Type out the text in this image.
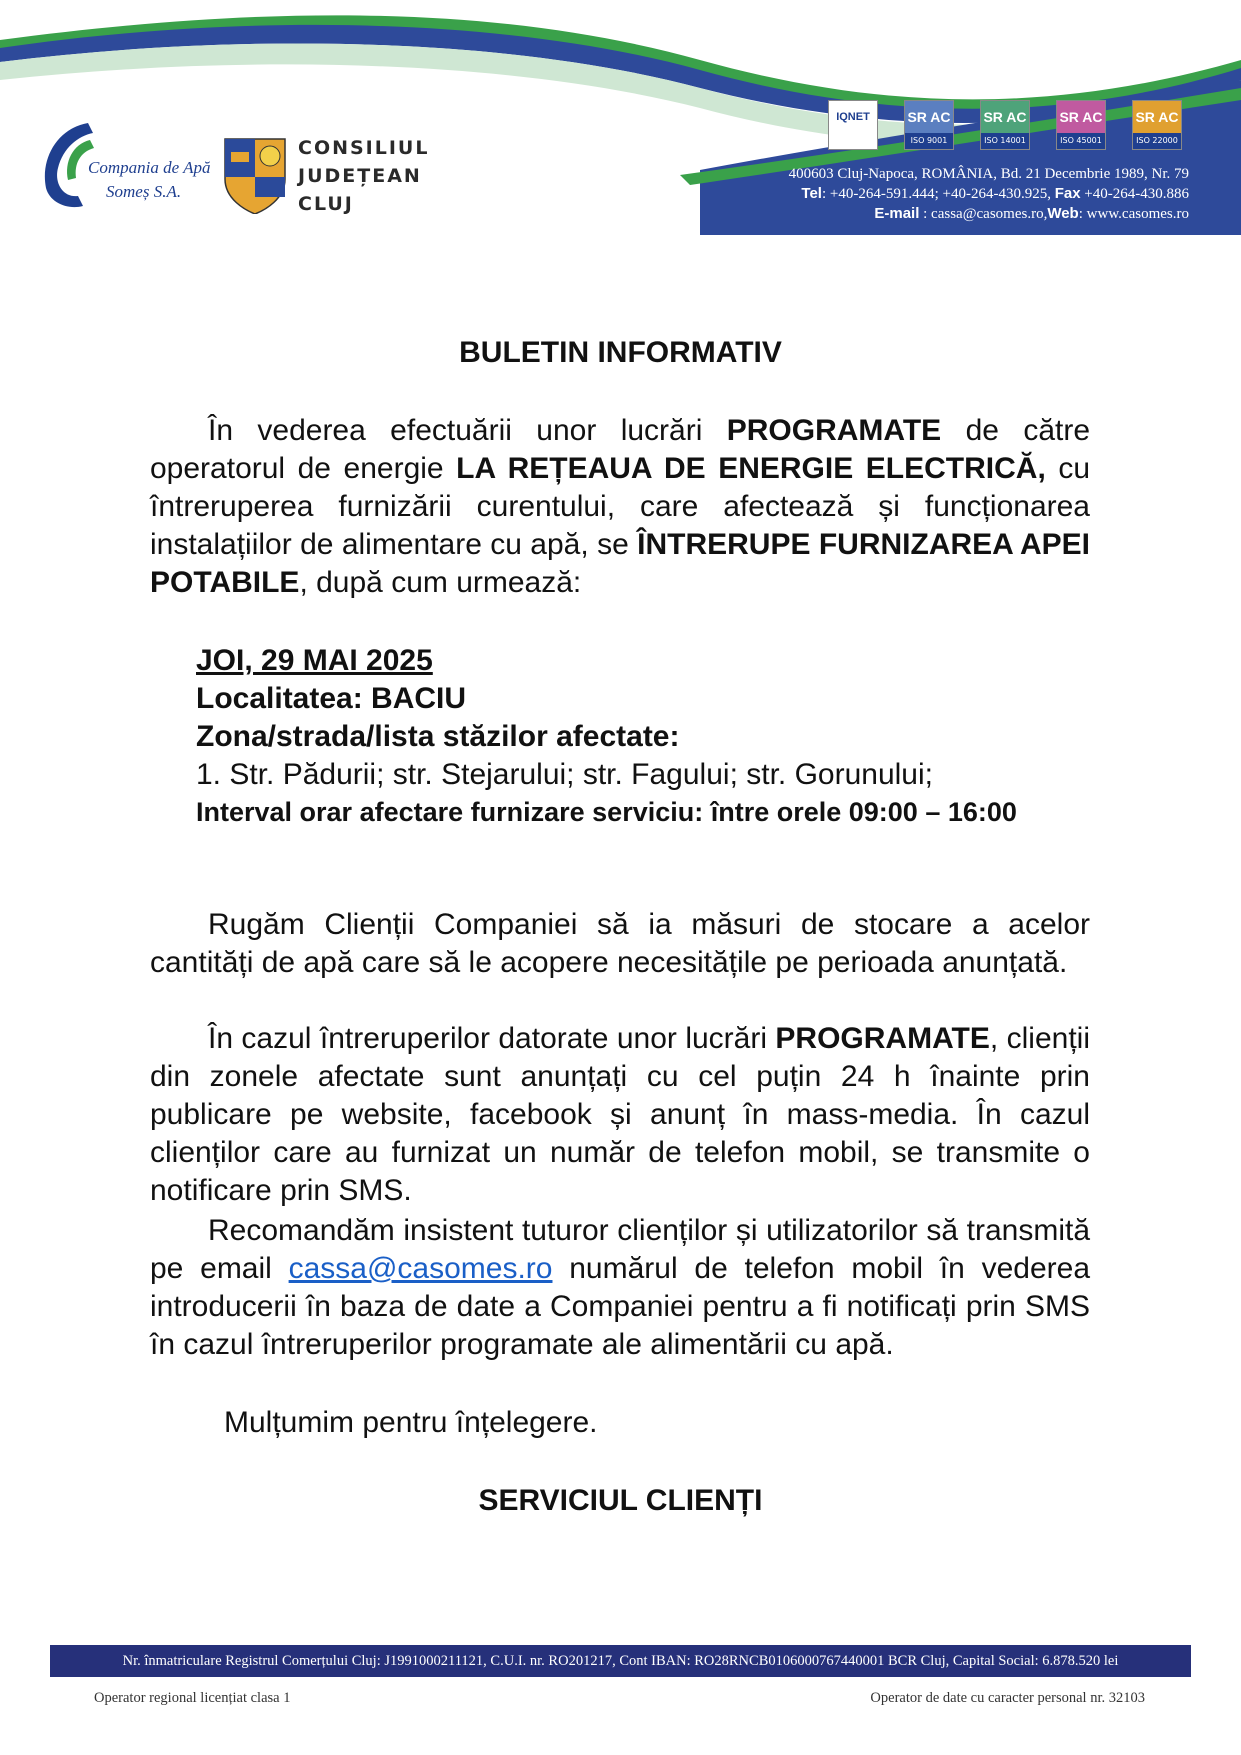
Compania de Apă
Someș S.A.
CONSILIUL
JUDEȚEAN
CLUJ
IQNET	SR AC
ISO 9001
SR AC
ISO 14001
SR AC
ISO 45001
SR AC
ISO 22000
400603 Cluj-Napoca, ROMÂNIA, Bd. 21 Decembrie 1989, Nr. 79
Tel: +40-264-591.444; +40-264-430.925, Fax +40-264-430.886
E-mail : cassa@casomes.ro,Web: www.casomes.ro
BULETIN INFORMATIV
În vederea efectuării unor lucrări PROGRAMATE de către operatorul de energie LA REȚEAUA DE ENERGIE ELECTRICĂ, cu întreruperea furnizării curentului, care afectează și funcționarea instalațiilor de alimentare cu apă, se ÎNTRERUPE FURNIZAREA APEI POTABILE, după cum urmează:
JOI, 29 MAI 2025
Localitatea: BACIU
Zona/strada/lista stăzilor afectate:
1. Str. Pădurii; str. Stejarului; str. Fagului; str. Gorunului;
Interval orar afectare furnizare serviciu: între orele 09:00 – 16:00
Rugăm Clienții Companiei să ia măsuri de stocare a acelor cantități de apă care să le acopere necesitățile pe perioada anunțată.
În cazul întreruperilor datorate unor lucrări PROGRAMATE, clienții din zonele afectate sunt anunțați cu cel puțin 24 h înainte prin publicare pe website, facebook și anunț în mass-media. În cazul clienților care au furnizat un număr de telefon mobil, se transmite o notificare prin SMS.
Recomandăm insistent tuturor clienților și utilizatorilor să transmită pe email cassa@casomes.ro numărul de telefon mobil în vederea introducerii în baza de date a Companiei pentru a fi notificați prin SMS în cazul întreruperilor programate ale alimentării cu apă.
Mulțumim pentru înțelegere.
SERVICIUL CLIENȚI
Nr. înmatriculare Registrul Comerțului Cluj: J1991000211121, C.U.I. nr. RO201217, Cont IBAN: RO28RNCB0106000767440001 BCR Cluj, Capital Social: 6.878.520 lei
Operator regional licențiat clasa 1	Operator de date cu caracter personal nr. 32103
